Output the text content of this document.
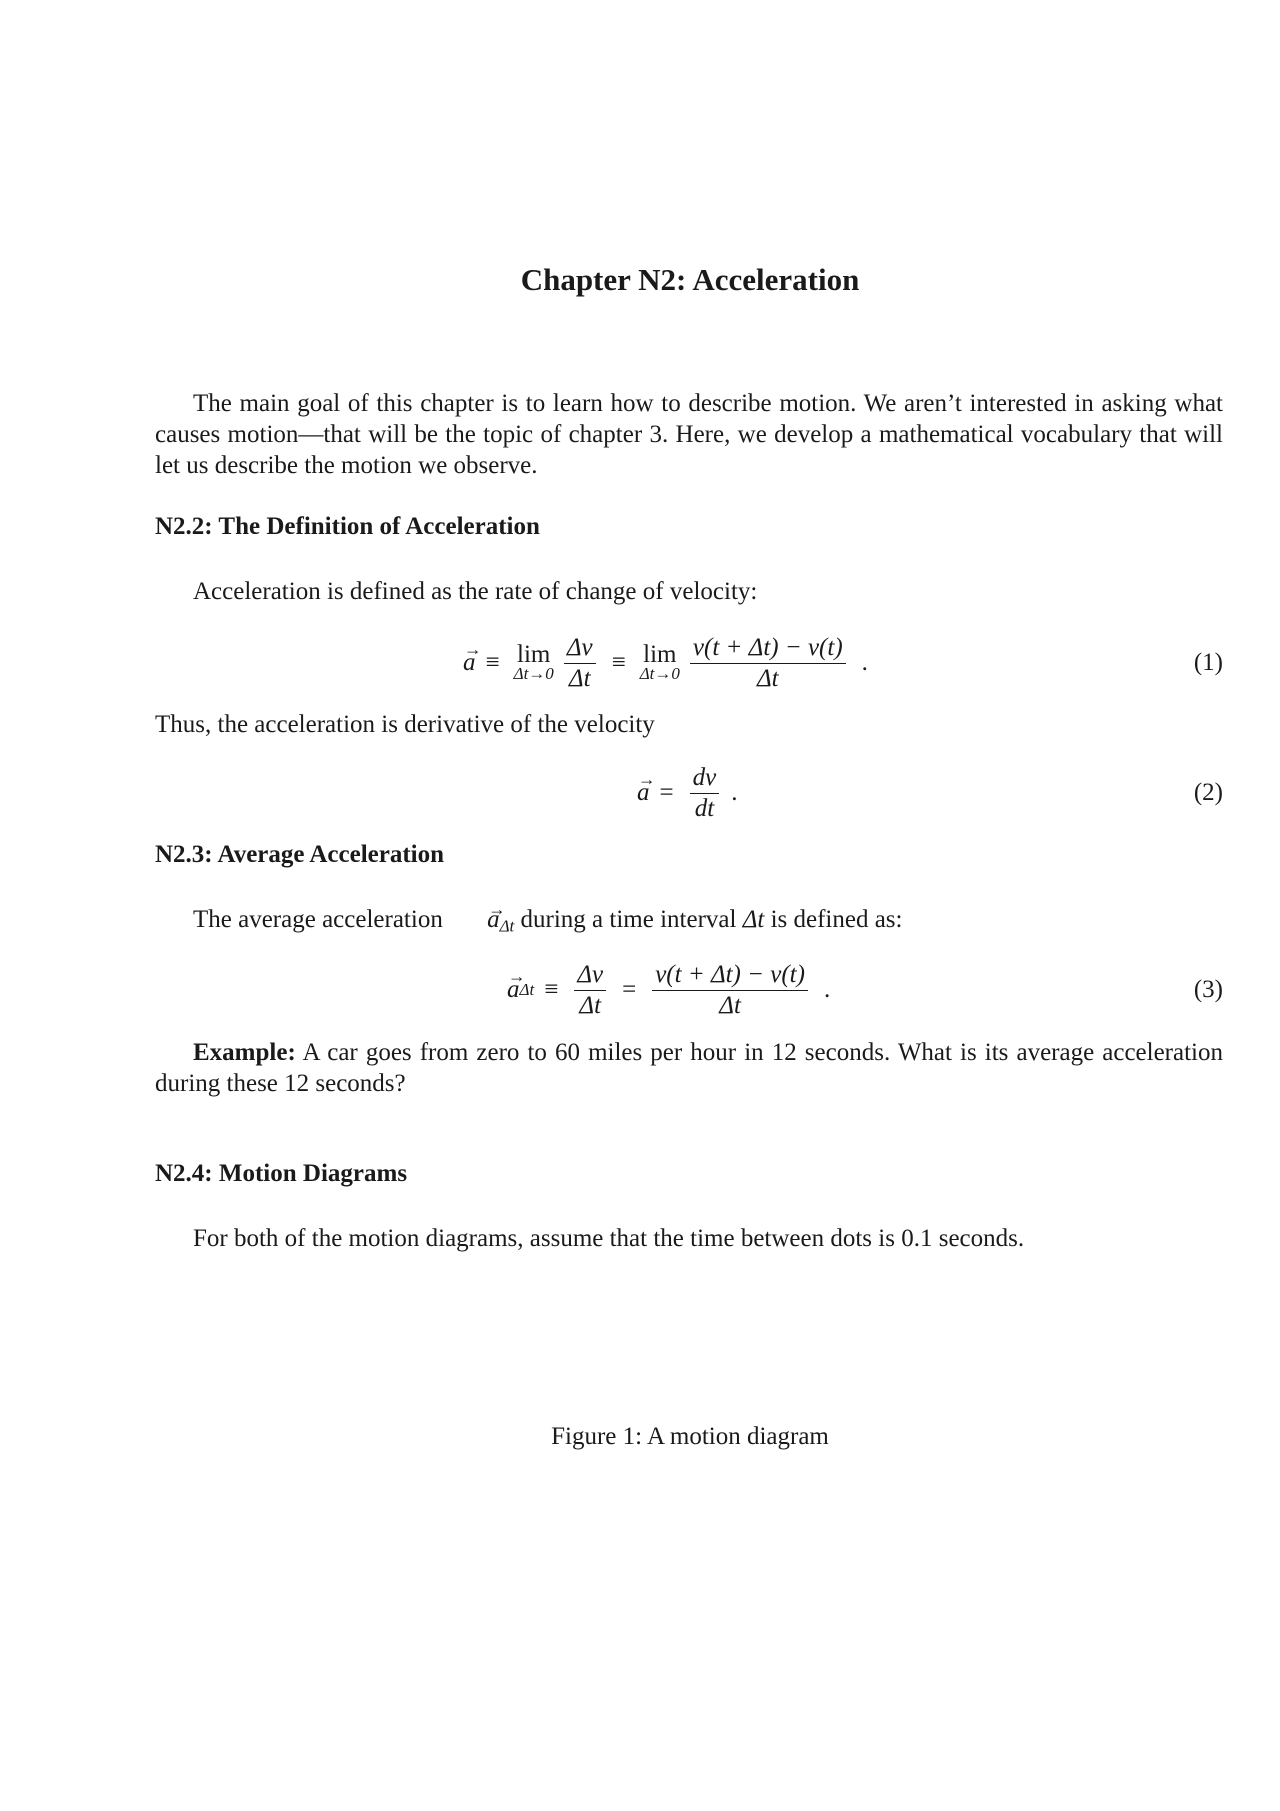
Chapter N2: Acceleration
The main goal of this chapter is to learn how to describe motion. We aren’t interested in asking what causes motion—that will be the topic of chapter 3. Here, we develop a mathematical vocabulary that will let us describe the motion we observe.
N2.2: The Definition of Acceleration
Acceleration is defined as the rate of change of velocity:
→ a ≡ lim
$\Delta t\to 0 \frac{\Delta v}{\Delta t} \equiv \lim$
$\Delta t\to 0 \frac{v(t + \Delta t) - v(t)}{\Delta t}$ .	(1)
Thus, the acceleration is derivative of the velocity
→ $a = \frac{dv}{dt}$ .	(2)
N2.3: Average Acceleration
The average acceleration → $a_{\Delta t}$ during a time interval Δt is defined as:
→ a $\Delta t \equiv \frac{\Delta v}{\Delta t} = \frac{v(t + \Delta t) - v(t)}{\Delta t}$ .	(3)
Example: A car goes from zero to 60 miles per hour in 12 seconds. What is its average acceleration during these 12 seconds?
N2.4: Motion Diagrams
For both of the motion diagrams, assume that the time between dots is 0.1 seconds.
Figure 1: A motion diagram
